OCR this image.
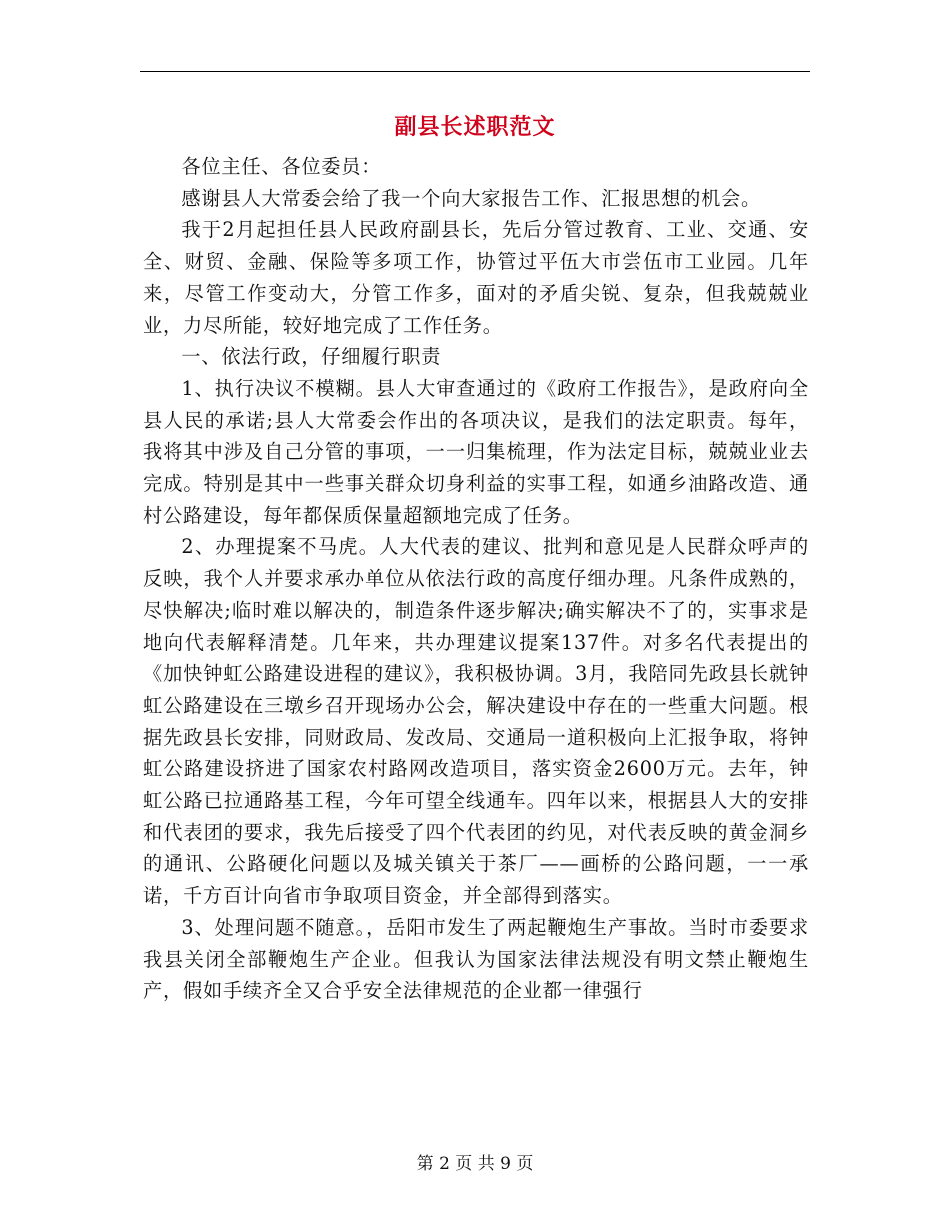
副县长述职范文

各位主任、各位委员：

感谢县人大常委会给了我一个向大家报告工作、汇报思想的机会。

我于2月起担任县人民政府副县长，先后分管过教育、工业、交通、安全、财贸、金融、保险等多项工作，协管过平伍大市尝伍市工业园。几年来，尽管工作变动大，分管工作多，面对的矛盾尖锐、复杂，但我兢兢业业，力尽所能，较好地完成了工作任务。

一、依法行政，仔细履行职责

1、执行决议不模糊。县人大审查通过的《政府工作报告》，是政府向全县人民的承诺;县人大常委会作出的各项决议，是我们的法定职责。每年，我将其中涉及自己分管的事项，一一归集梳理，作为法定目标，兢兢业业去完成。特别是其中一些事关群众切身利益的实事工程，如通乡油路改造、通村公路建设，每年都保质保量超额地完成了任务。

2、办理提案不马虎。人大代表的建议、批判和意见是人民群众呼声的反映，我个人并要求承办单位从依法行政的高度仔细办理。凡条件成熟的，尽快解决;临时难以解决的，制造条件逐步解决;确实解决不了的，实事求是地向代表解释清楚。几年来，共办理建议提案137件。对多名代表提出的《加快钟虹公路建设进程的建议》，我积极协调。3月，我陪同先政县长就钟虹公路建设在三墩乡召开现场办公会，解决建设中存在的一些重大问题。根据先政县长安排，同财政局、发改局、交通局一道积极向上汇报争取，将钟虹公路建设挤进了国家农村路网改造项目，落实资金2600万元。去年，钟虹公路已拉通路基工程，今年可望全线通车。四年以来，根据县人大的安排和代表团的要求，我先后接受了四个代表团的约见，对代表反映的黄金洞乡的通讯、公路硬化问题以及城关镇关于茶厂——画桥的公路问题，一一承诺，千方百计向省市争取项目资金，并全部得到落实。

3、处理问题不随意。，岳阳市发生了两起鞭炮生产事故。当时市委要求我县关闭全部鞭炮生产企业。但我认为国家法律法规没有明文禁止鞭炮生产，假如手续齐全又合乎安全法律规范的企业都一律强行

第 2 页 共 9 页
